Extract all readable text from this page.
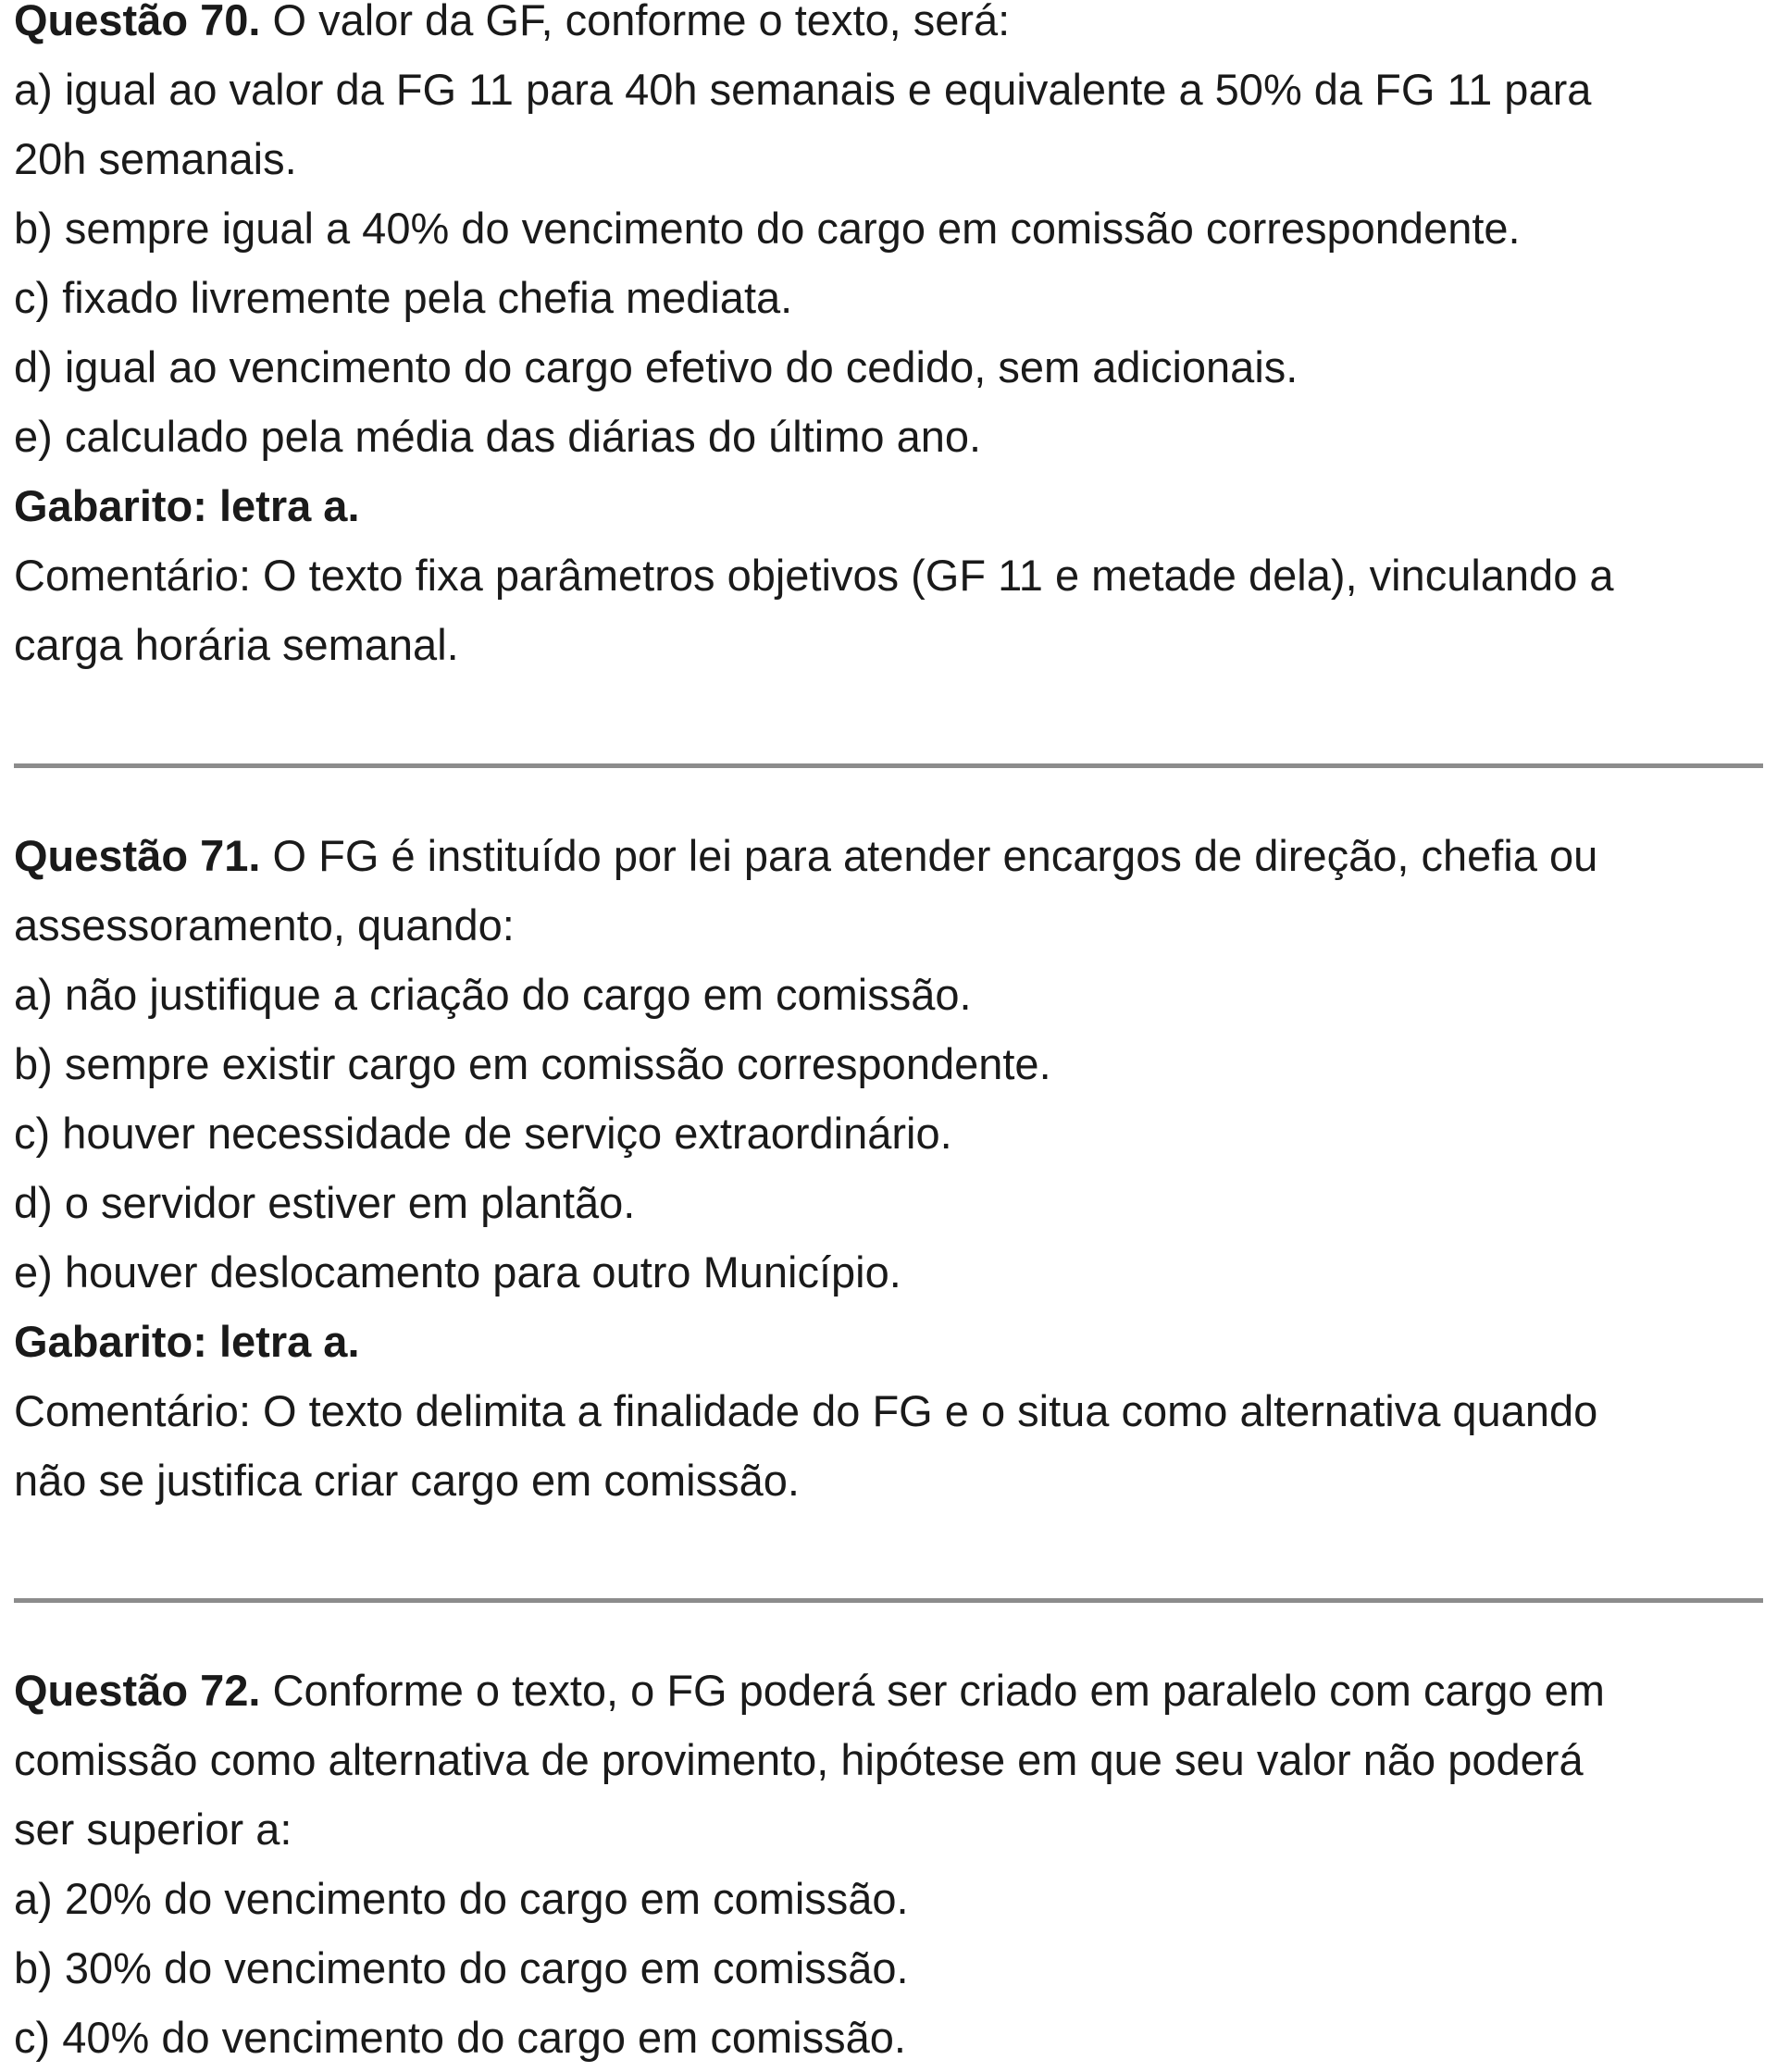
Questão 70. O valor da GF, conforme o texto, será:

a) igual ao valor da FG 11 para 40h semanais e equivalente a 50% da FG 11 para

20h semanais.

b) sempre igual a 40% do vencimento do cargo em comissão correspondente.

c) fixado livremente pela chefia mediata.

d) igual ao vencimento do cargo efetivo do cedido, sem adicionais.

e) calculado pela média das diárias do último ano.

Gabarito: letra a.

Comentário: O texto fixa parâmetros objetivos (GF 11 e metade dela), vinculando a

carga horária semanal.

Questão 71. O FG é instituído por lei para atender encargos de direção, chefia ou

assessoramento, quando:

a) não justifique a criação do cargo em comissão.

b) sempre existir cargo em comissão correspondente.

c) houver necessidade de serviço extraordinário.

d) o servidor estiver em plantão.

e) houver deslocamento para outro Município.

Gabarito: letra a.

Comentário: O texto delimita a finalidade do FG e o situa como alternativa quando

não se justifica criar cargo em comissão.

Questão 72. Conforme o texto, o FG poderá ser criado em paralelo com cargo em

comissão como alternativa de provimento, hipótese em que seu valor não poderá

ser superior a:

a) 20% do vencimento do cargo em comissão.

b) 30% do vencimento do cargo em comissão.

c) 40% do vencimento do cargo em comissão.
